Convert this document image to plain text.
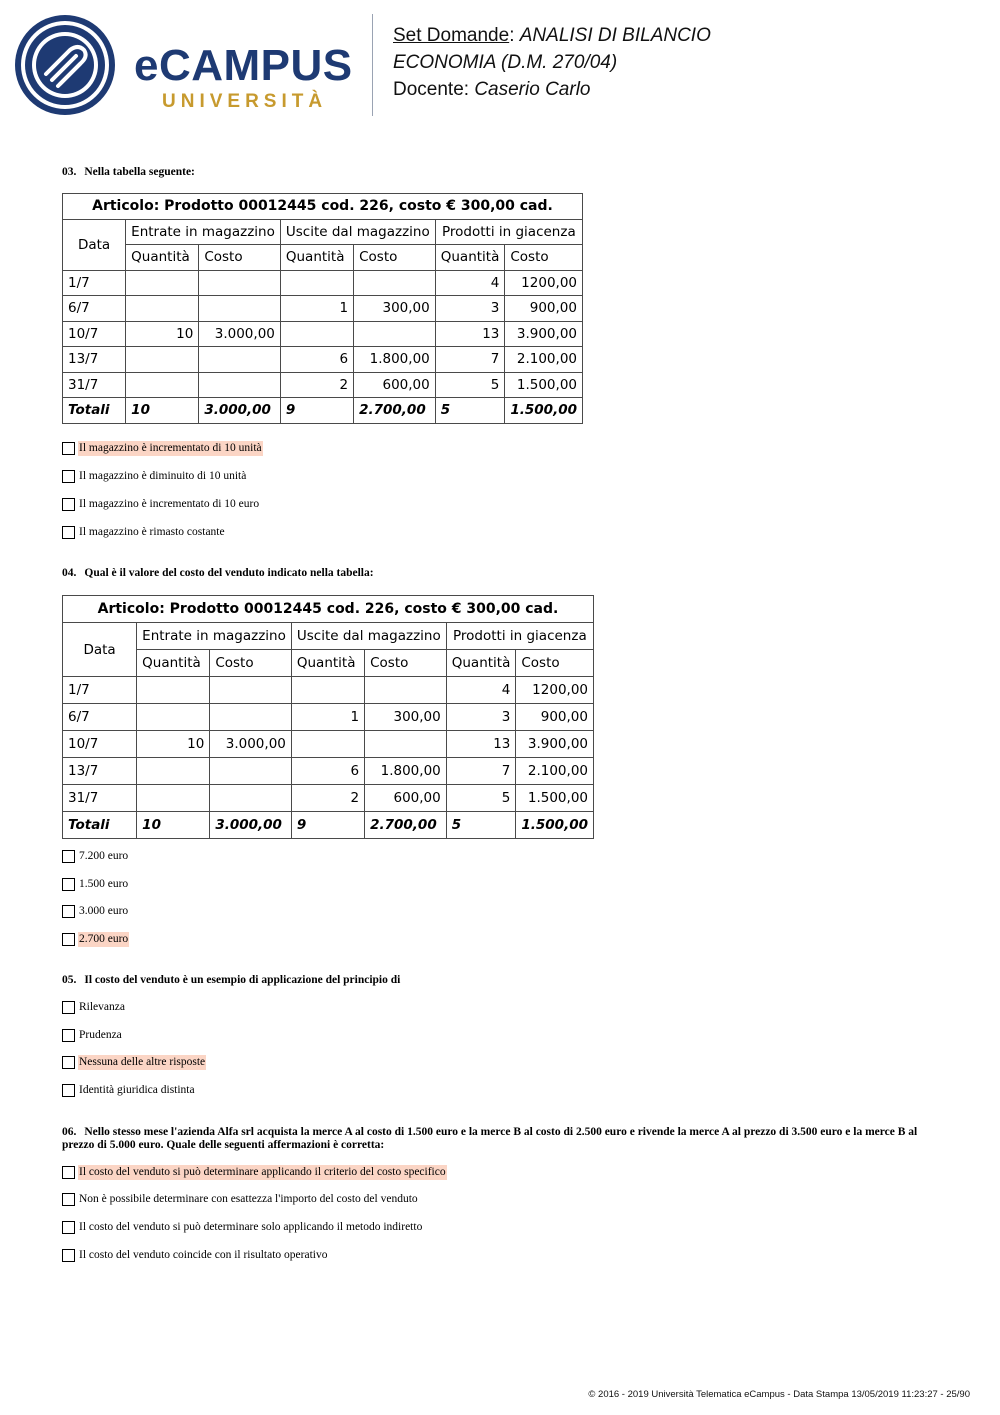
eCAMPUS
UNIVERSITÀ
Set Domande: ANALISI DI BILANCIO
ECONOMIA (D.M. 270/04)
Docente: Caserio Carlo
03. Nella tabella seguente:
Articolo: Prodotto 00012445 cod. 226, costo € 300,00 cad.						
Data	Entrate in magazzino		Uscite dal magazzino		Prodotti in giacenza	
	Quantità	Costo	Quantità	Costo	Quantità	Costo
1/7					4	1200,00
6/7			1	300,00	3	900,00
10/7	10	3.000,00			13	3.900,00
13/7			6	1.800,00	7	2.100,00
31/7			2	600,00	5	1.500,00
Totali	10	3.000,00	9	2.700,00	5	1.500,00
Il magazzino è incrementato di 10 unità
Il magazzino è diminuito di 10 unità
Il magazzino è incrementato di 10 euro
Il magazzino è rimasto costante
04. Qual è il valore del costo del venduto indicato nella tabella:
Articolo: Prodotto 00012445 cod. 226, costo € 300,00 cad.						
Data	Entrate in magazzino		Uscite dal magazzino		Prodotti in giacenza	
	Quantità	Costo	Quantità	Costo	Quantità	Costo
1/7					4	1200,00
6/7			1	300,00	3	900,00
10/7	10	3.000,00			13	3.900,00
13/7			6	1.800,00	7	2.100,00
31/7			2	600,00	5	1.500,00
Totali	10	3.000,00	9	2.700,00	5	1.500,00
7.200 euro
1.500 euro
3.000 euro
2.700 euro
05. Il costo del venduto è un esempio di applicazione del principio di
Rilevanza
Prudenza
Nessuna delle altre risposte
Identità giuridica distinta
06. Nello stesso mese l'azienda Alfa srl acquista la merce A al costo di 1.500 euro e la merce B al costo di 2.500 euro e rivende la merce A al prezzo di 3.500 euro e la merce B al prezzo di 5.000 euro. Quale delle seguenti affermazioni è corretta:
Il costo del venduto si può determinare applicando il criterio del costo specifico
Non è possibile determinare con esattezza l'importo del costo del venduto
Il costo del venduto si può determinare solo applicando il metodo indiretto
Il costo del venduto coincide con il risultato operativo
© 2016 - 2019 Università Telematica eCampus - Data Stampa 13/05/2019 11:23:27 - 25/90
